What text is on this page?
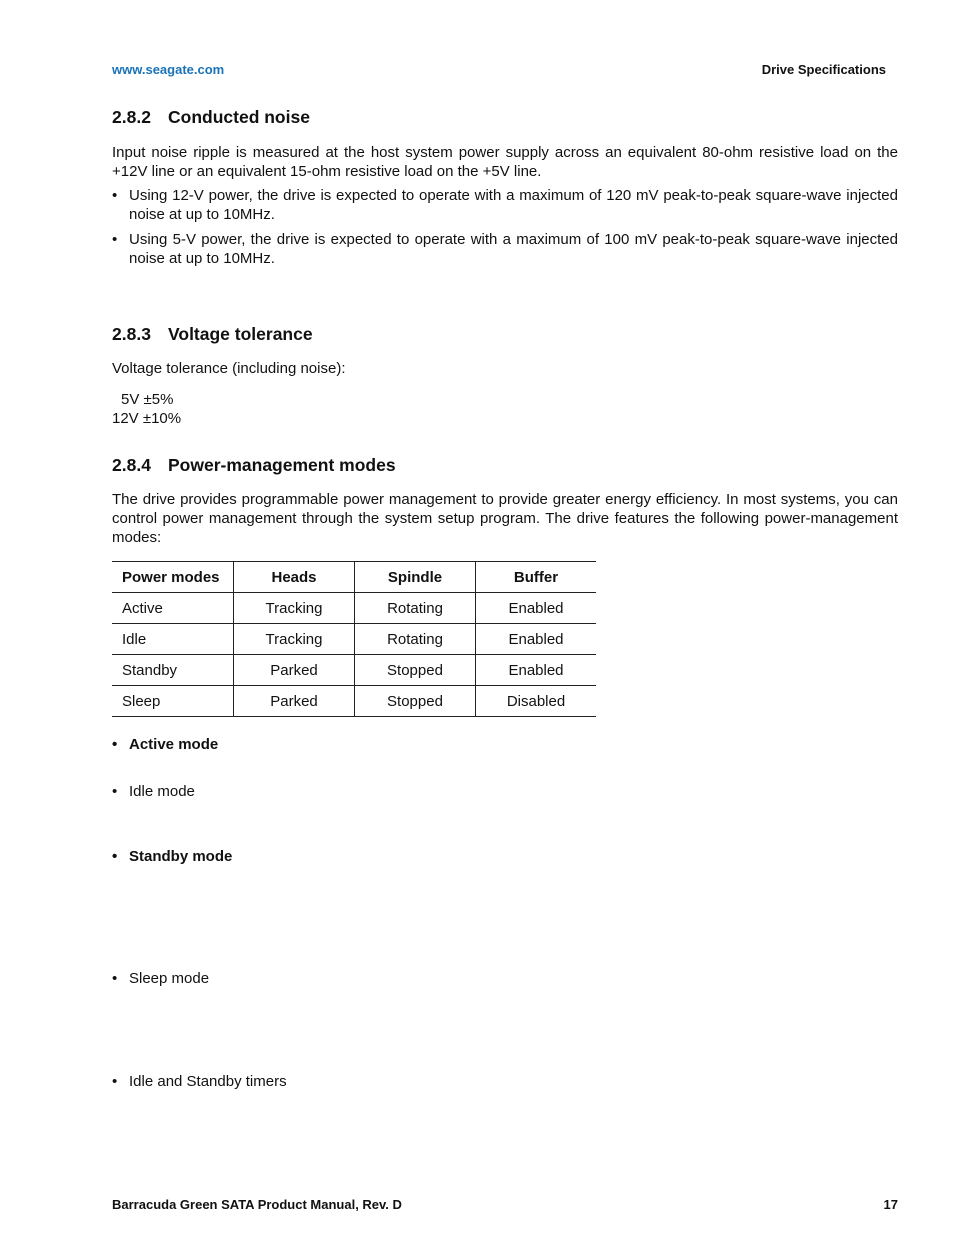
www.seagate.com	Drive Specifications
2.8.2 Conducted noise

Input noise ripple is measured at the host system power supply across an equivalent 80-ohm resistive load on the +12V line or an equivalent 15-ohm resistive load on the +5V line.

• Using 12-V power, the drive is expected to operate with a maximum of 120 mV peak-to-peak square-wave injected noise at up to 10MHz.
• Using 5-V power, the drive is expected to operate with a maximum of 100 mV peak-to-peak square-wave injected noise at up to 10MHz.
2.8.3 Voltage tolerance
Voltage tolerance (including noise):
5V ±5%
12V ±10%
2.8.4 Power-management modes

The drive provides programmable power management to provide greater energy efficiency. In most systems, you can control power management through the system setup program. The drive features the following power-management modes:

Power modes	Heads	Spindle	Buffer
Active	Tracking	Rotating	Enabled
Idle	Tracking	Rotating	Enabled
Standby	Parked	Stopped	Enabled
Sleep	Parked	Stopped	Disabled
• Active mode
• Idle mode
• Standby mode
• Sleep mode
• Idle and Standby timers
Barracuda Green SATA Product Manual, Rev. D	17
